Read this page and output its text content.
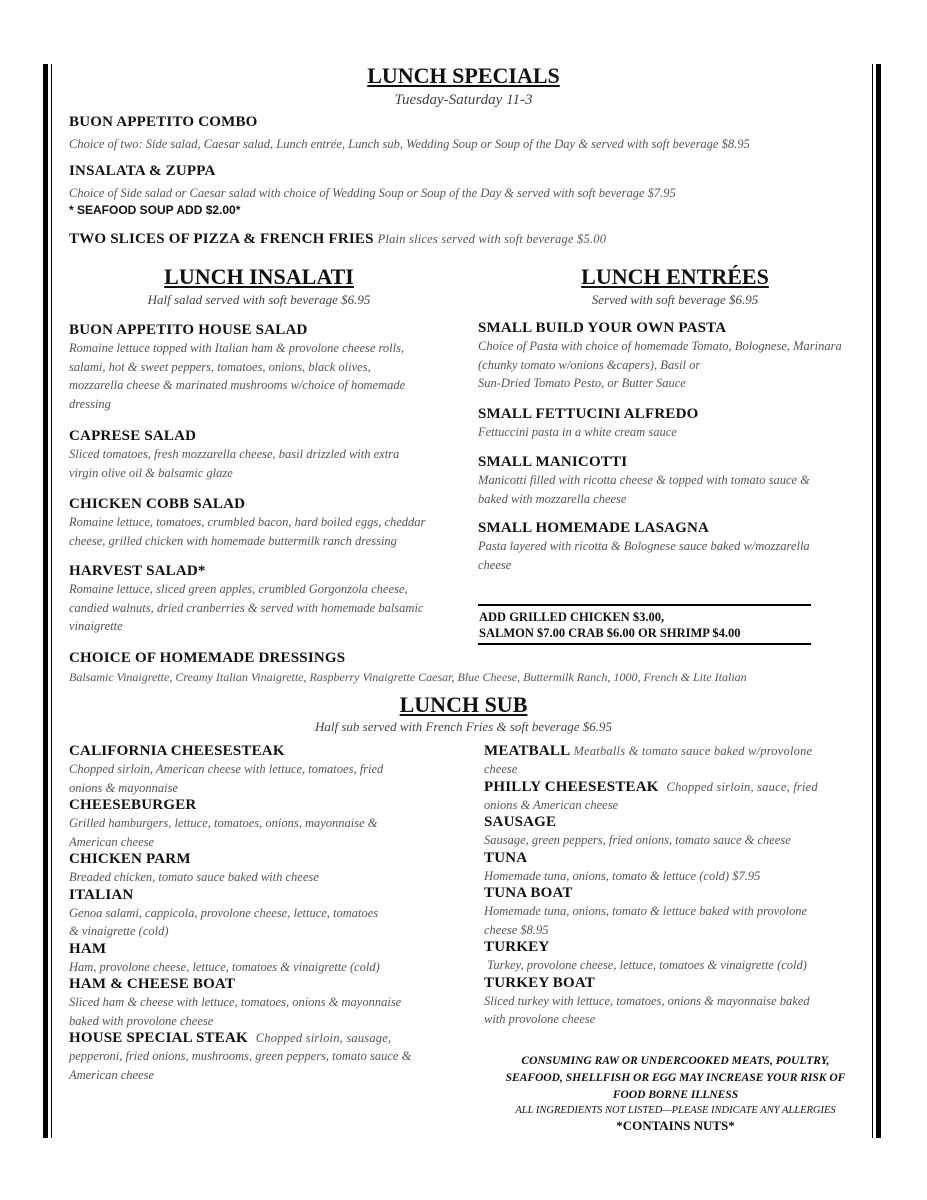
LUNCH SPECIALS
Tuesday-Saturday 11-3
BUON APPETITO COMBO
Choice of two: Side salad, Caesar salad, Lunch entrée, Lunch sub, Wedding Soup or Soup of the Day & served with soft beverage $8.95
INSALATA & ZUPPA
Choice of Side salad or Caesar salad with choice of Wedding Soup or Soup of the Day & served with soft beverage $7.95
* SEAFOOD SOUP ADD $2.00*
TWO SLICES OF PIZZA & FRENCH FRIES Plain slices served with soft beverage $5.00
LUNCH INSALATI
Half salad served with soft beverage $6.95
BUON APPETITO HOUSE SALAD
Romaine lettuce topped with Italian ham & provolone cheese rolls,
salami, hot & sweet peppers, tomatoes, onions, black olives,
mozzarella cheese & marinated mushrooms w/choice of homemade
dressing
CAPRESE SALAD
Sliced tomatoes, fresh mozzarella cheese, basil drizzled with extra
virgin olive oil & balsamic glaze
CHICKEN COBB SALAD
Romaine lettuce, tomatoes, crumbled bacon, hard boiled eggs, cheddar
cheese, grilled chicken with homemade buttermilk ranch dressing
HARVEST SALAD*
Romaine lettuce, sliced green apples, crumbled Gorgonzola cheese,
candied walnuts, dried cranberries & served with homemade balsamic
vinaigrette
LUNCH ENTRÉES
Served with soft beverage $6.95
SMALL BUILD YOUR OWN PASTA
Choice of Pasta with choice of homemade Tomato, Bolognese, Marinara
(chunky tomato w/onions &capers), Basil or
Sun-Dried Tomato Pesto, or Butter Sauce
SMALL FETTUCINI ALFREDO
Fettuccini pasta in a white cream sauce
SMALL MANICOTTI
Manicotti filled with ricotta cheese & topped with tomato sauce &
baked with mozzarella cheese
SMALL HOMEMADE LASAGNA
Pasta layered with ricotta & Bolognese sauce baked w/mozzarella
cheese
ADD GRILLED CHICKEN $3.00,
SALMON $7.00 CRAB $6.00 OR SHRIMP $4.00
CHOICE OF HOMEMADE DRESSINGS
Balsamic Vinaigrette, Creamy Italian Vinaigrette, Raspberry Vinaigrette Caesar, Blue Cheese, Buttermilk Ranch, 1000, French & Lite Italian
LUNCH SUB
Half sub served with French Fries & soft beverage $6.95
CALIFORNIA CHEESESTEAK
Chopped sirloin, American cheese with lettuce, tomatoes, fried
onions & mayonnaise
CHEESEBURGER
Grilled hamburgers, lettuce, tomatoes, onions, mayonnaise &
American cheese
CHICKEN PARM
Breaded chicken, tomato sauce baked with cheese
ITALIAN
Genoa salami, cappicola, provolone cheese, lettuce, tomatoes
& vinaigrette (cold)
HAM
Ham, provolone cheese, lettuce, tomatoes & vinaigrette (cold)
HAM & CHEESE BOAT
Sliced ham & cheese with lettuce, tomatoes, onions & mayonnaise
baked with provolone cheese
HOUSE SPECIAL STEAK Chopped sirloin, sausage,
pepperoni, fried onions, mushrooms, green peppers, tomato sauce &
American cheese
MEATBALL Meatballs & tomato sauce baked w/provolone
cheese
PHILLY CHEESESTEAK Chopped sirloin, sauce, fried
onions & American cheese
SAUSAGE
Sausage, green peppers, fried onions, tomato sauce & cheese
TUNA
Homemade tuna, onions, tomato & lettuce (cold) $7.95
TUNA BOAT
Homemade tuna, onions, tomato & lettuce baked with provolone
cheese $8.95
TURKEY
Turkey, provolone cheese, lettuce, tomatoes & vinaigrette (cold)
TURKEY BOAT
Sliced turkey with lettuce, tomatoes, onions & mayonnaise baked
with provolone cheese
CONSUMING RAW OR UNDERCOOKED MEATS, POULTRY,
SEAFOOD, SHELLFISH OR EGG MAY INCREASE YOUR RISK OF
FOOD BORNE ILLNESS
ALL INGREDIENTS NOT LISTED—PLEASE INDICATE ANY ALLERGIES
*CONTAINS NUTS*
